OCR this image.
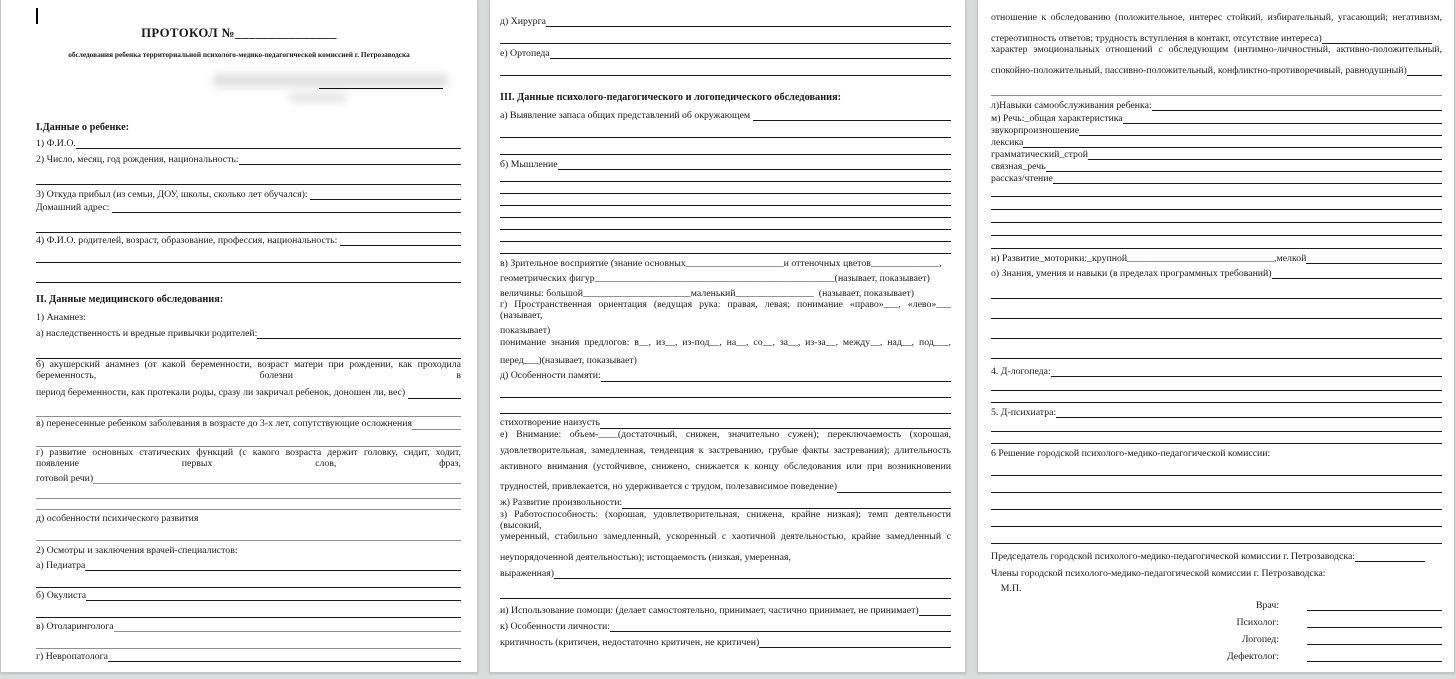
ПРОТОКОЛ №_______________
обследования ребенка территориальной психолого-медико-педагогической комиссией г. Петрозаводска
I.Данные о ребенке:
1) Ф.И.О.
2) Число, месяц, год рождения, национальность:
3) Откуда прибыл (из семьи, ДОУ, школы, сколько лет обучался):
Домашний адрес:
4) Ф.И.О. родителей, возраст, образование, профессия, национальность:
II. Данные медицинского обследования:
1) Анамнез:
а) наследственность и вредные привычки родителей:
б) акушерский анамнез (от какой беременности, возраст матери при рождении, как проходила беременность, болезни в
период беременности, как протекали роды, сразу ли закричал ребенок, доношен ли, вес)
в) перенесенные ребенком заболевания в возрасте до 3-х лет, сопутствующие осложнения
г) развитие основных статических функций (с какого возраста держит головку, сидит, ходит, появление первых слов, фраз,
готовой речи)
д) особенности психического развития
2) Осмотры и заключения врачей-специалистов:
а) Педиатра
б) Окулиста
в) Отоларинголога
г) Невропатолога
д) Хирурга
е) Ортопеда
III. Данные психолого-педагогического и логопедического обследования:
а) Выявление запаса общих представлений об окружающем
б) Мышление
в) Зрительное восприятие (знание основных____________________и оттеночных цветов______________,
геометрических фигур_________________________________________________(называет, показывает)
величины: большой______________________маленький________________  (называет, показывает)
г) Пространственная ориентация (ведущая рука: правая, левая; понимание «право»___, «лево»___ (называет,
показывает)
понимание знания предлогов: в__, из__, из-под__, на__, со__, за__, из-за__, между__, над__, под___,
перед___)(называет, показывает)
д) Особенности памяти:
стихотворение наизусть
е) Внимание: объем-____(достаточный, снижен, значительно сужен); переключаемость (хорошая,
удовлетворительная, замедленная, тенденция к застреванию, грубые факты застревания); длительность
активного внимания (устойчивое, снижено, снижается к концу обследования или при возникновении
трудностей, привлекается, но удерживается с трудом, полезависимое поведение)
ж) Развитие произвольности:
з) Работоспособность: (хорошая, удовлетворительная, снижена, крайне низкая); темп деятельности (высокий,
умеренный, стабильно замедленный, ускоренный с хаотичной деятельностью, крайне замедленный с
неупорядоченной деятельностью); истощаемость (низкая, умеренная,
выраженная)
и) Использование помощи: (делает самостоятельно, принимает, частично принимает, не принимает)
к) Особенности личности:
критичность (критичен, недостаточно критичен, не критичен)
отношение к обследованию (положительное, интерес стойкий, избирательный, угасающий; негативизм,
стереотипность ответов; трудность вступления в контакт, отсутствие интереса)
характер эмоциональных отношений с обследующим (интимно-личностный, активно-положительный,
спокойно-положительный, пассивно-положительный, конфликтно-противоречивый, равнодушный)
л)Навыки самообслуживания ребенка:
м) Речь:_общая характеристика
звукорпроизношение
лексика
грамматический_строй
связная_речь
рассказ/чтение
н) Развитие_моторики:_крупной______________________________,мелкой
о) Знания, умения и навыки (в пределах программных требований)
4. Д-логопеда:
5. Д-психиатра:
6 Решение городской психолого-медико-педагогической комиссии:
Председатель городской психолого-медико-педагогической комиссии г. Петрозаводска:
Члены городской психолого-медико-педагогической комиссии г. Петрозаводска:
М.П.
Врач:
Психолог:
Логопед:
Дефектолог:
